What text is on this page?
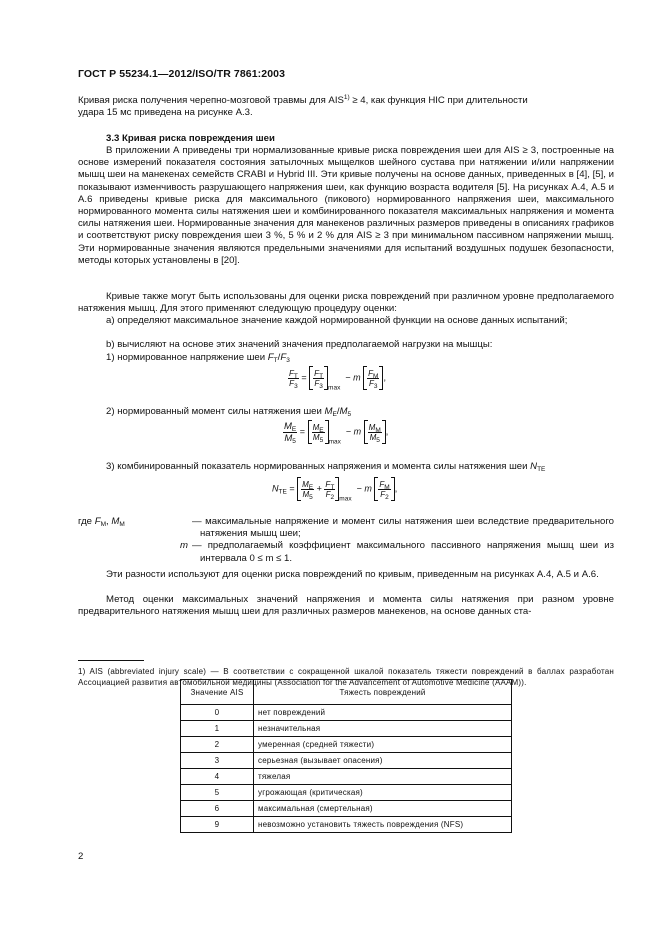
ГОСТ Р 55234.1—2012/ISO/TR 7861:2003
Кривая риска получения черепно-мозговой травмы для $AIS^{1)} \ge 4$, как функция HIC при длительности
удара 15 мс приведена на рисунке А.3.
3.3 Кривая риска повреждения шеи
В приложении А приведены три нормализованные кривые риска повреждения шеи для AIS ≥ 3, построенные на основе измерений показателя состояния затылочных мыщелков шейного сустава при натяжении и/или напряжении мышц шеи на манекенах семейств CRABI и Hybrid III. Эти кривые получены на основе данных, приведенных в [4], [5], и показывают изменчивость разрушающего напряжения шеи, как функцию возраста водителя [5]. На рисунках А.4, А.5 и А.6 приведены кривые риска для максимального (пикового) нормированного напряжения шеи, максимального нормированного момента силы натяжения шеи и комбинированного показателя максимальных напряжения и момента силы натяжения шеи. Нормированные значения для манекенов различных размеров приведены в описаниях графиков и соответствуют риску повреждения шеи 3 %, 5 % и 2 % для AIS ≥ 3 при минимальном пассивном напряжении мышц. Эти нормированные значения являются предельными значениями для испытаний воздушных подушек безопасности, методы которых установлены в [20].
Кривые также могут быть использованы для оценки риска повреждений при различном уровне предполагаемого натяжения мышц. Для этого применяют следующую процедуру оценки:
а) определяют максимальное значение каждой нормированной функции на основе данных испытаний;
b) вычисляют на основе этих значений значения предполагаемой нагрузки на мышцы:
1) нормированное напряжение шеи $F_T/F_3$
$\frac{F_T}{F_3} = \frac{F_T}{F_3}$
$_{max}$  − m $\frac{F_M}{F_3}$ ,
2) нормированный момент силы натяжения шеи $M_E/M_5$
$\frac{M_E}{M_5} = \frac{M_E}{M_5}$
$_{max}$  − m $\frac{M_M}{M_5}$ ,
3) комбинированный показатель нормированных напряжения и момента силы натяжения шеи $N_{TE}$
$N_{TE} = \frac{M_E}{M_5} + \frac{F_T}{F_2}$
$_{max}$  − m $\frac{F_M}{F_2}$ ,
где $F_M$, $M_M$	— максимальные напряжение и момент силы натяжения шеи вследствие предварительного натяжения мышц шеи;
m — предполагаемый коэффициент максимального пассивного напряжения мышц шеи из интервала 0 ≤ m ≤ 1.
Эти разности используют для оценки риска повреждений по кривым, приведенным на рисунках А.4, А.5 и А.6.
Метод оценки максимальных значений напряжения и момента силы натяжения при разном уровне предварительного натяжения мышц шеи для различных размеров манекенов, на основе данных ста-
1) AIS (abbreviated injury scale) — В соответствии с сокращенной шкалой показатель тяжести повреждений в баллах разработан Ассоциацией развития автомобильной медицины (Association for the Advancement of Automotive Medicine (AAAM)).
Значение AIS	Тяжесть повреждений
0	нет повреждений
1	незначительная
2	умеренная (средней тяжести)
3	серьезная (вызывает опасения)
4	тяжелая
5	угрожающая (критическая)
6	максимальная (смертельная)
9	невозможно установить тяжесть повреждения (NFS)
2
